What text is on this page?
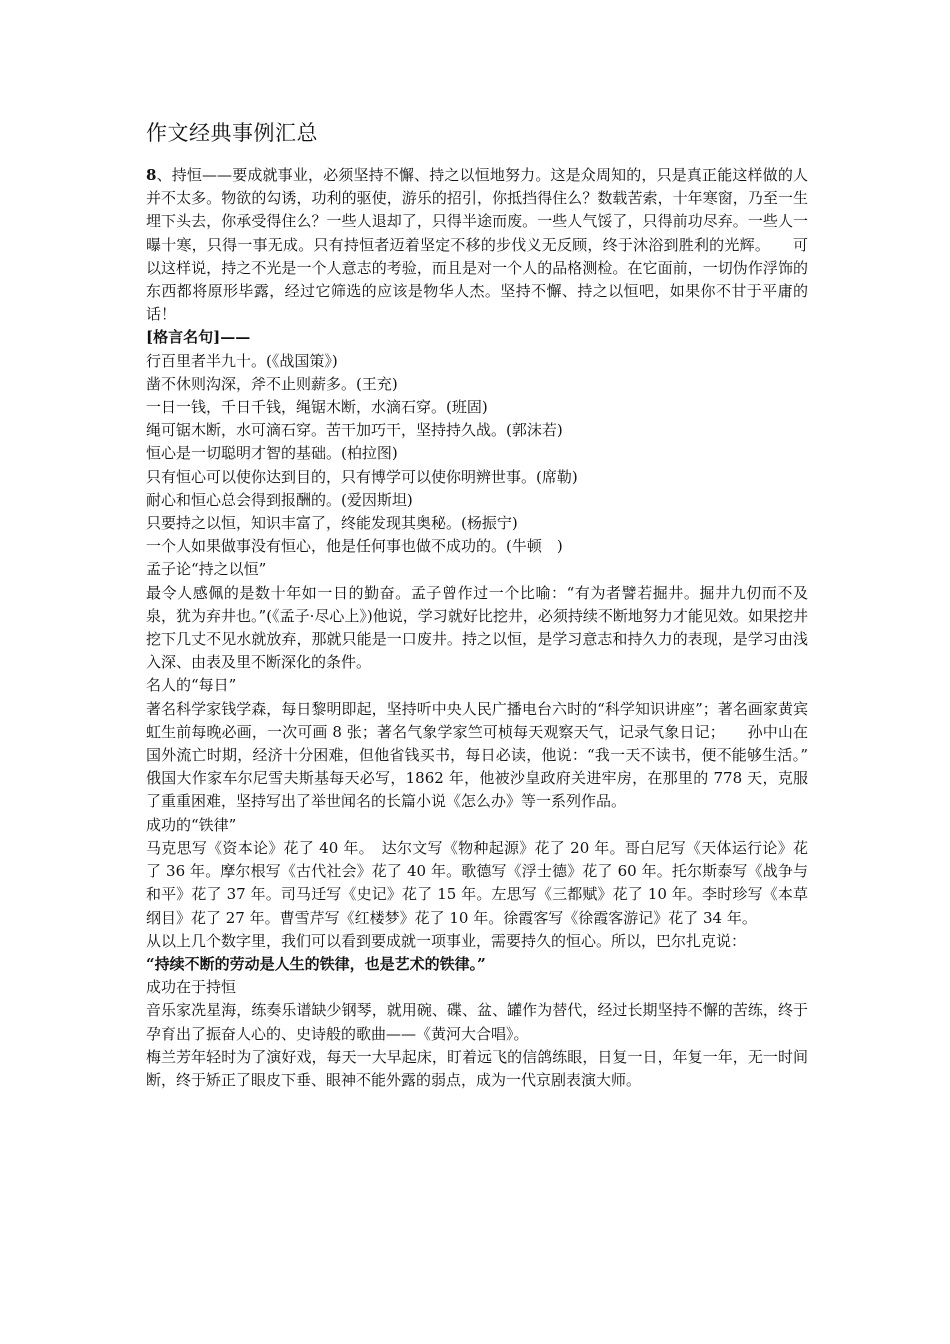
作文经典事例汇总

8、持恒——要成就事业，必须坚持不懈、持之以恒地努力。这是众周知的，只是真正能这样做的人并不太多。物欲的勾诱，功利的驱使，游乐的招引，你抵挡得住么？数载苦索，十年寒窗，乃至一生埋下头去，你承受得住么？一些人退却了，只得半途而废。一些人气馁了，只得前功尽弃。一些人一曝十寒，只得一事无成。只有持恒者迈着坚定不移的步伐义无反顾，终于沐浴到胜利的光辉。　　可以这样说，持之不光是一个人意志的考验，而且是对一个人的品格测检。在它面前，一切伪作浮饰的东西都将原形毕露，经过它筛选的应该是物华人杰。坚持不懈、持之以恒吧，如果你不甘于平庸的话！

[格言名句]——

行百里者半九十。(《战国策》)

凿不休则沟深，斧不止则薪多。(王充)

一日一钱，千日千钱，绳锯木断，水滴石穿。(班固)

绳可锯木断，水可滴石穿。苦干加巧干，坚持持久战。(郭沫若)

恒心是一切聪明才智的基础。(柏拉图)

只有恒心可以使你达到目的，只有博学可以使你明辨世事。(席勒)

耐心和恒心总会得到报酬的。(爱因斯坦)

只要持之以恒，知识丰富了，终能发现其奥秘。(杨振宁)

一个人如果做事没有恒心，他是任何事也做不成功的。(牛顿　)

孟子论“持之以恒”

最令人感佩的是数十年如一日的勤奋。孟子曾作过一个比喻：“有为者譬若掘井。掘井九仞而不及泉，犹为弃井也。”(《孟子·尽心上》)他说，学习就好比挖井，必须持续不断地努力才能见效。如果挖井挖下几丈不见水就放弃，那就只能是一口废井。持之以恒，是学习意志和持久力的表现，是学习由浅入深、由表及里不断深化的条件。

名人的“每日”

著名科学家钱学森，每日黎明即起，坚持听中央人民广播电台六时的“科学知识讲座”；著名画家黄宾虹生前每晚必画，一次可画 8 张；著名气象学家竺可桢每天观察天气，记录气象日记；　　孙中山在国外流亡时期，经济十分困难，但他省钱买书，每日必读，他说：“我一天不读书，便不能够生活。”　　俄国大作家车尔尼雪夫斯基每天必写，1862 年，他被沙皇政府关进牢房，在那里的 778 天，克服了重重困难，坚持写出了举世闻名的长篇小说《怎么办》等一系列作品。

成功的“铁律”

马克思写《资本论》花了 40 年。　达尔文写《物种起源》花了 20 年。哥白尼写《天体运行论》花了 36 年。摩尔根写《古代社会》花了 40 年。歌德写《浮士德》花了 60 年。托尔斯泰写《战争与和平》花了 37 年。司马迁写《史记》花了 15 年。左思写《三都赋》花了 10 年。李时珍写《本草纲目》花了 27 年。曹雪芹写《红楼梦》花了 10 年。徐霞客写《徐霞客游记》花了 34 年。

从以上几个数字里，我们可以看到要成就一项事业，需要持久的恒心。所以，巴尔扎克说：

“持续不断的劳动是人生的铁律，也是艺术的铁律。”

成功在于持恒

音乐家冼星海，练奏乐谱缺少钢琴，就用碗、碟、盆、罐作为替代，经过长期坚持不懈的苦练，终于孕育出了振奋人心的、史诗般的歌曲——《黄河大合唱》。

梅兰芳年轻时为了演好戏，每天一大早起床，盯着远飞的信鸽练眼，日复一日，年复一年，无一时间断，终于矫正了眼皮下垂、眼神不能外露的弱点，成为一代京剧表演大师。
